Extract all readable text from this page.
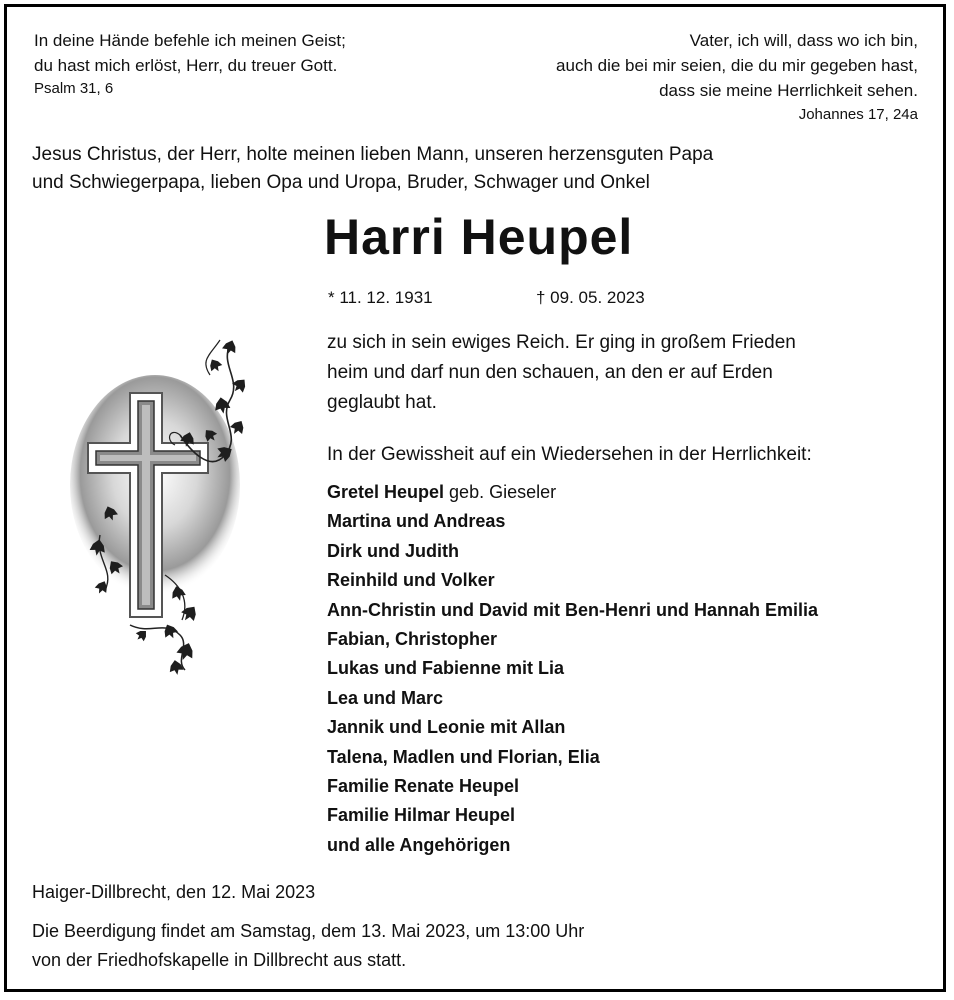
In deine Hände befehle ich meinen Geist;
du hast mich erlöst, Herr, du treuer Gott.
Psalm 31, 6
Vater, ich will, dass wo ich bin,
auch die bei mir seien, die du mir gegeben hast,
dass sie meine Herrlichkeit sehen.
Johannes 17, 24a
Jesus Christus, der Herr, holte meinen lieben Mann, unseren herzensguten Papa
und Schwiegerpapa, lieben Opa und Uropa, Bruder, Schwager und Onkel
Harri Heupel
* 11. 12. 1931	† 09. 05. 2023
zu sich in sein ewiges Reich. Er ging in großem Frieden
heim und darf nun den schauen, an den er auf Erden
geglaubt hat.
In der Gewissheit auf ein Wiedersehen in der Herrlichkeit:
Gretel Heupel geb. Gieseler
Martina und Andreas
Dirk und Judith
Reinhild und Volker
Ann-Christin und David mit Ben-Henri und Hannah Emilia
Fabian, Christopher
Lukas und Fabienne mit Lia
Lea und Marc
Jannik und Leonie mit Allan
Talena, Madlen und Florian, Elia
Familie Renate Heupel
Familie Hilmar Heupel
und alle Angehörigen
Haiger-Dillbrecht, den 12. Mai 2023
Die Beerdigung findet am Samstag, dem 13. Mai 2023, um 13:00 Uhr
von der Friedhofskapelle in Dillbrecht aus statt.
